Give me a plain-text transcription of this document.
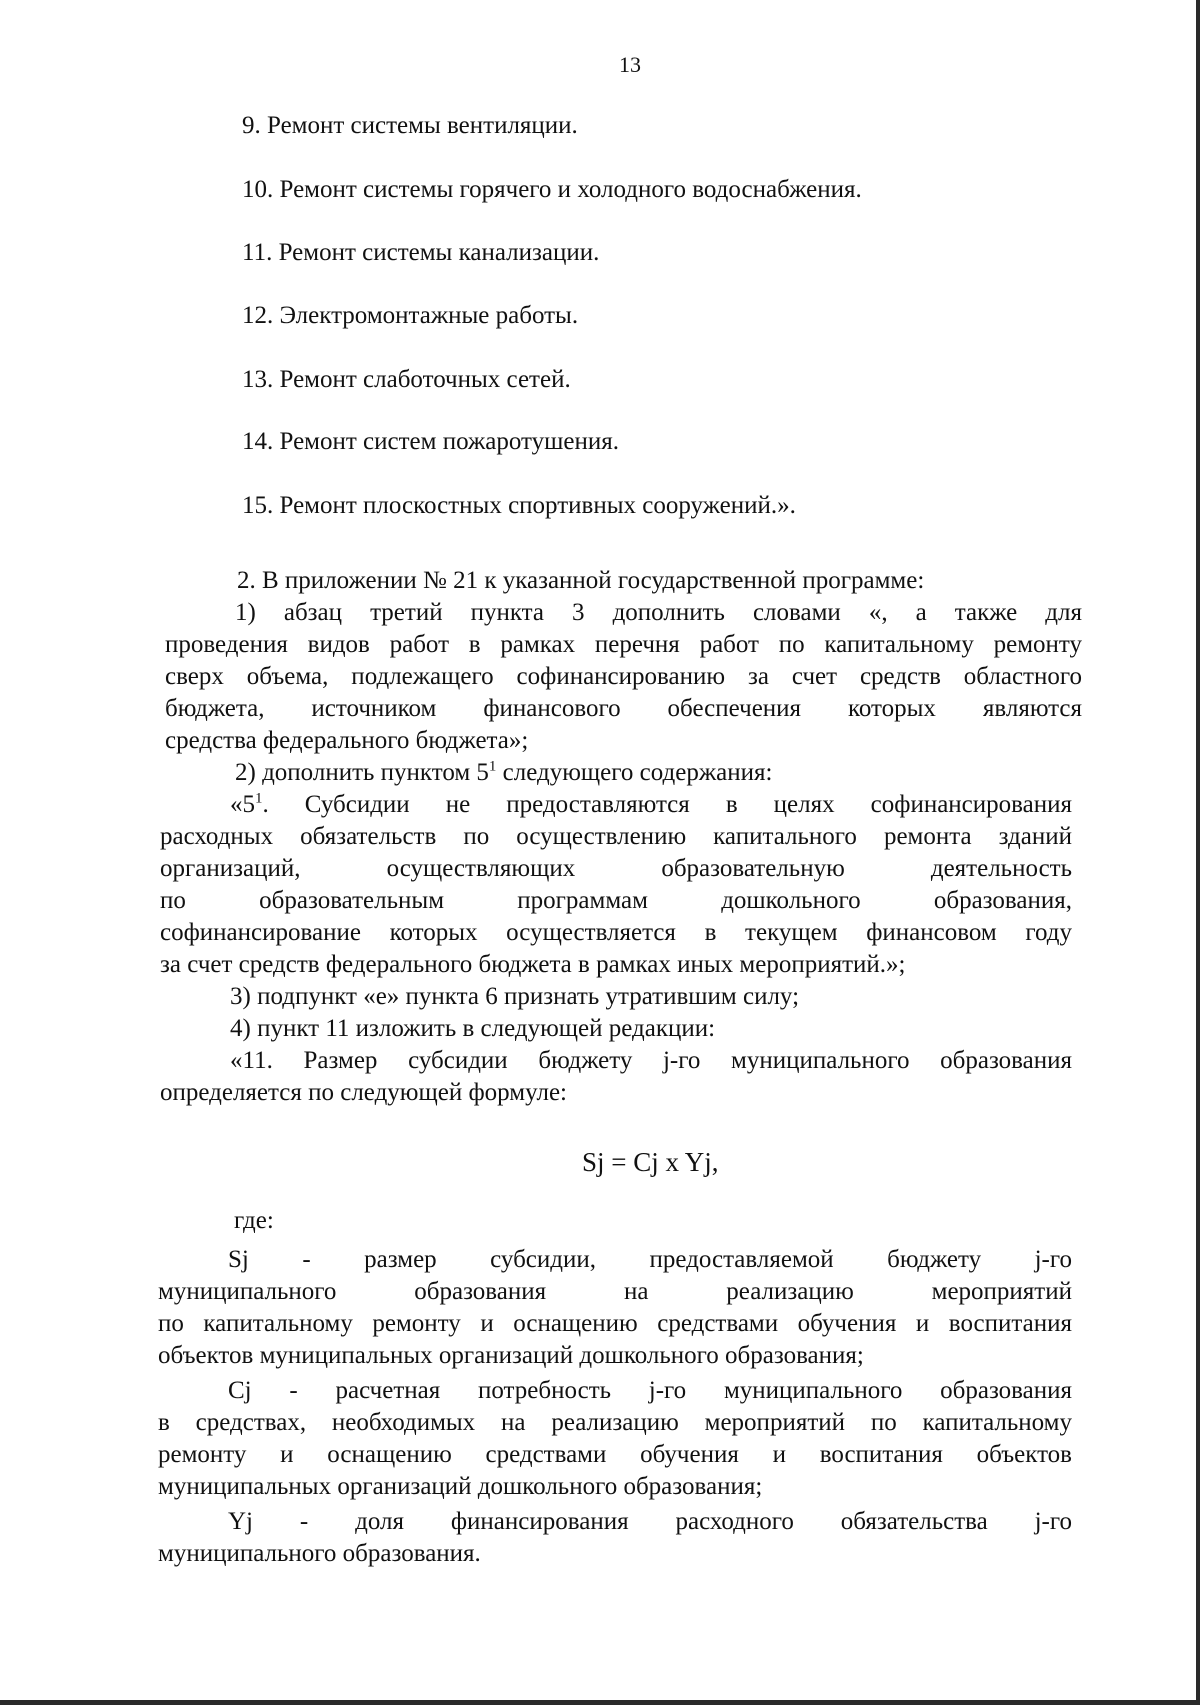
13
9. Ремонт системы вентиляции.
10. Ремонт системы горячего и холодного водоснабжения.
11. Ремонт системы канализации.
12. Электромонтажные работы.
13. Ремонт слаботочных сетей.
14. Ремонт систем пожаротушения.
15. Ремонт плоскостных спортивных сооружений.».
2. В приложении № 21 к указанной государственной программе:
1) абзац третий пункта 3 дополнить словами «, а также для
проведения видов работ в рамках перечня работ по капитальному ремонту
сверх объема, подлежащего софинансированию за счет средств областного
бюджета, источником финансового обеспечения которых являются
средства федерального бюджета»;
2) дополнить пунктом $5^1$ следующего содержания:
«$5^1$. Субсидии не предоставляются в целях софинансирования
расходных обязательств по осуществлению капитального ремонта зданий
организаций, осуществляющих образовательную деятельность
по образовательным программам дошкольного образования,
софинансирование которых осуществляется в текущем финансовом году
за счет средств федерального бюджета в рамках иных мероприятий.»;
3) подпункт «е» пункта 6 признать утратившим силу;
4) пункт 11 изложить в следующей редакции:
«11. Размер субсидии бюджету j-го муниципального образования
определяется по следующей формуле:
Sj = Cj x Yj,
где:
Sj - размер субсидии, предоставляемой бюджету j-го
муниципального образования на реализацию мероприятий
по капитальному ремонту и оснащению средствами обучения и воспитания
объектов муниципальных организаций дошкольного образования;
Cj - расчетная потребность j-го муниципального образования
в средствах, необходимых на реализацию мероприятий по капитальному
ремонту и оснащению средствами обучения и воспитания объектов
муниципальных организаций дошкольного образования;
Yj - доля финансирования расходного обязательства j-го
муниципального образования.
